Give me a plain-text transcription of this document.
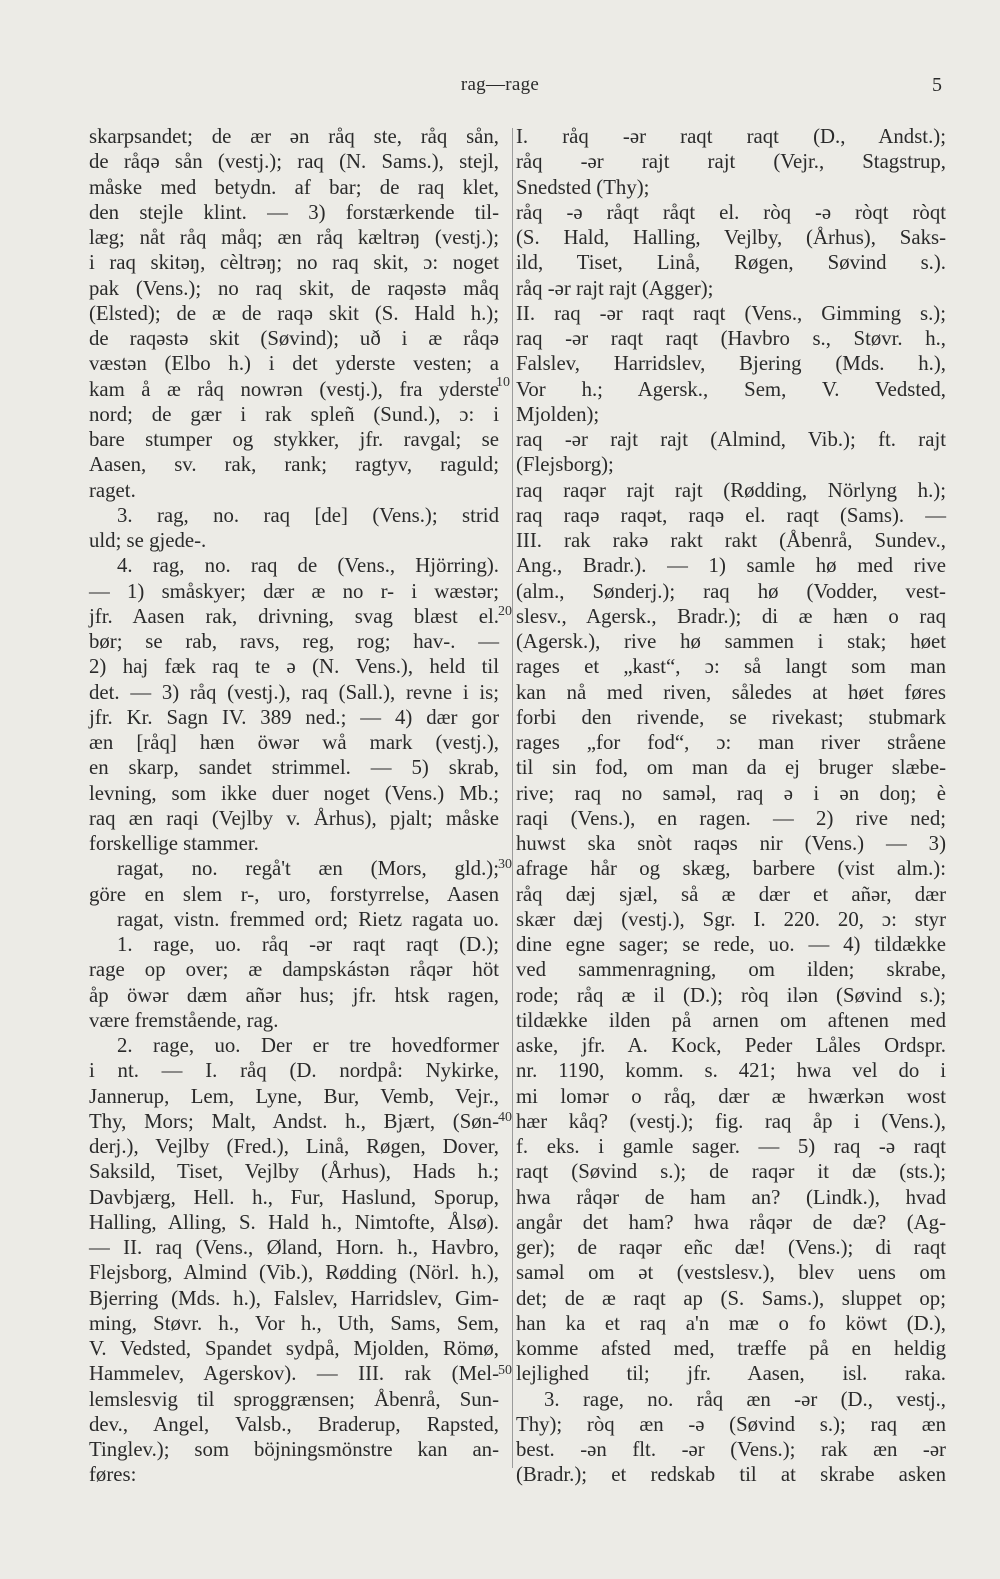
rag—rage	5
skarpsandet; de ær ən råq ste, råq sån,
de råqə sån (vestj.); raq (N. Sams.), stejl,
måske med betydn. af bar; de raq klet,
den stejle klint. — 3) forstærkende til-
læg; nåt råq måq; æn råq kæltrəŋ (vestj.);
i raq skitəŋ, cèltrəŋ; no raq skit, ɔ: noget
pak (Vens.); no raq skit, de raqəstə måq
(Elsted); de æ de raqə skit (S. Hald h.);
de raqəstə skit (Søvind); uð i æ råqə
væstən (Elbo h.) i det yderste vesten; a
kam å æ råq nowrən (vestj.), fra yderste
nord; de gær i rak spleñ (Sund.), ɔ: i
bare stumper og stykker, jfr. ravgal; se
Aasen, sv. rak, rank; ragtyv, raguld;
raget.
3. rag, no. raq [de] (Vens.); strid
uld; se gjede-.
4. rag, no. raq de (Vens., Hjörring).
— 1) småskyer; dær æ no r- i wæstər;
jfr. Aasen rak, drivning, svag blæst el.
bør; se rab, ravs, reg, rog; hav-. —
2) haj fæk raq te ə (N. Vens.), held til
det. — 3) råq (vestj.), raq (Sall.), revne i is;
jfr. Kr. Sagn IV. 389 ned.; — 4) dær gor
æn [råq] hæn öwər wå mark (vestj.),
en skarp, sandet strimmel. — 5) skrab,
levning, som ikke duer noget (Vens.) Mb.;
raq æn raqi (Vejlby v. Århus), pjalt; måske
forskellige stammer.
ragat, no. regå't æn (Mors, gld.);
göre en slem r-, uro, forstyrrelse, Aasen
ragat, vistn. fremmed ord; Rietz ragata uo.
1. rage, uo. råq -ər raqt raqt (D.);
rage op over; æ dampskástən råqər höt
åp öwər dæm añər hus; jfr. htsk ragen,
være fremstående, rag.
2. rage, uo. Der er tre hovedformer
i nt. — I. råq (D. nordpå: Nykirke,
Jannerup, Lem, Lyne, Bur, Vemb, Vejr.,
Thy, Mors; Malt, Andst. h., Bjært, (Søn-
derj.), Vejlby (Fred.), Linå, Røgen, Dover,
Saksild, Tiset, Vejlby (Århus), Hads h.;
Davbjærg, Hell. h., Fur, Haslund, Sporup,
Halling, Alling, S. Hald h., Nimtofte, Ålsø).
— II. raq (Vens., Øland, Horn. h., Havbro,
Flejsborg, Almind (Vib.), Rødding (Nörl. h.),
Bjerring (Mds. h.), Falslev, Harridslev, Gim-
ming, Støvr. h., Vor h., Uth, Sams, Sem,
V. Vedsted, Spandet sydpå, Mjolden, Römø,
Hammelev, Agerskov). — III. rak (Mel-
lemslesvig til sproggrænsen; Åbenrå, Sun-
dev., Angel, Valsb., Braderup, Rapsted,
Tinglev.); som böjningsmönstre kan an-
føres:
I. råq -ər raqt raqt (D., Andst.);
råq -ər rajt rajt (Vejr., Stagstrup,
Snedsted (Thy);
råq -ə råqt råqt el. ròq -ə ròqt ròqt
(S. Hald, Halling, Vejlby, (Århus), Saks-
ild, Tiset, Linå, Røgen, Søvind s.).
råq -ər rajt rajt (Agger);
II. raq -ər raqt raqt (Vens., Gimming s.);
raq -ər raqt raqt (Havbro s., Støvr. h.,
Falslev, Harridslev, Bjering (Mds. h.),
Vor h.; Agersk., Sem, V. Vedsted,
Mjolden);
raq -ər rajt rajt (Almind, Vib.); ft. rajt
(Flejsborg);
raq raqər rajt rajt (Rødding, Nörlyng h.);
raq raqə raqət, raqə el. raqt (Sams). —
III. rak rakə rakt rakt (Åbenrå, Sundev.,
Ang., Bradr.). — 1) samle hø med rive
(alm., Sønderj.); raq hø (Vodder, vest-
slesv., Agersk., Bradr.); di æ hæn o raq
(Agersk.), rive hø sammen i stak; høet
rages et „kast“, ɔ: så langt som man
kan nå med riven, således at høet føres
forbi den rivende, se rivekast; stubmark
rages „for fod“, ɔ: man river stråene
til sin fod, om man da ej bruger slæbe-
rive; raq no saməl, raq ə i ən doŋ; è
raqi (Vens.), en ragen. — 2) rive ned;
huwst ska snòt raqəs nir (Vens.) — 3)
afrage hår og skæg, barbere (vist alm.):
råq dæj sjæl, så æ dær et añər, dær
skær dæj (vestj.), Sgr. I. 220. 20, ɔ: styr
dine egne sager; se rede, uo. — 4) tildække
ved sammenragning, om ilden; skrabe,
rode; råq æ il (D.); ròq ilən (Søvind s.);
tildække ilden på arnen om aftenen med
aske, jfr. A. Kock, Peder Låles Ordspr.
nr. 1190, komm. s. 421; hwa vel do i
mi lomər o råq, dær æ hwærkən wost
hær kåq? (vestj.); fig. raq åp i (Vens.),
f. eks. i gamle sager. — 5) raq -ə raqt
raqt (Søvind s.); de raqər it dæ (sts.);
hwa råqər de ham an? (Lindk.), hvad
angår det ham? hwa råqər de dæ? (Ag-
ger); de raqər eñc dæ! (Vens.); di raqt
saməl om ət (vestslesv.), blev uens om
det; de æ raqt ap (S. Sams.), sluppet op;
han ka et raq a'n mæ o fo köwt (D.),
komme afsted med, træffe på en heldig
lejlighed til; jfr. Aasen, isl. raka.
3. rage, no. råq æn -ər (D., vestj.,
Thy); ròq æn -ə (Søvind s.); raq æn
best. -ən flt. -ər (Vens.); rak æn -ər
(Bradr.); et redskab til at skrabe asken
10
20
30
40
50
